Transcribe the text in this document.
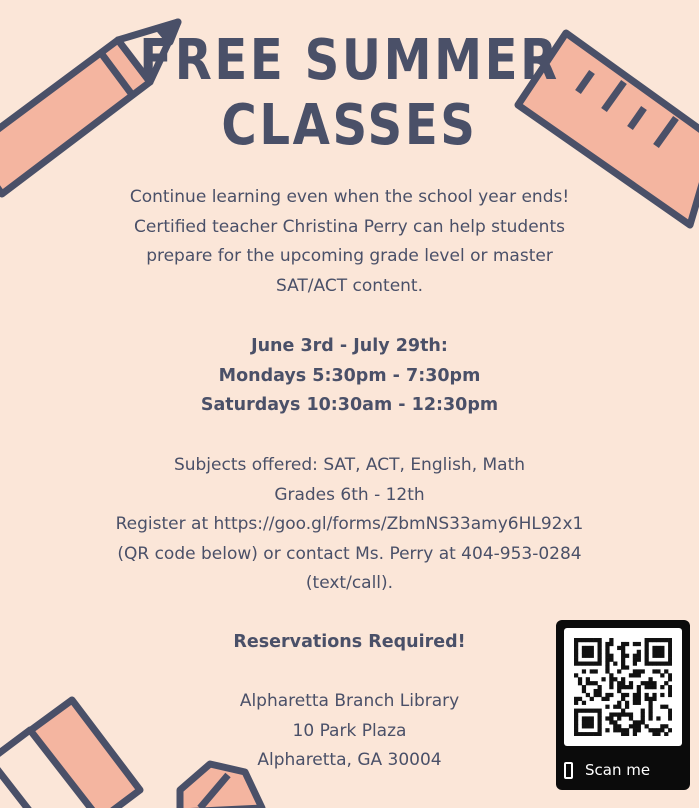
FREE SUMMER
CLASSES
Continue learning even when the school year ends!
Certified teacher Christina Perry can help students
prepare for the upcoming grade level or master
SAT/ACT content.
June 3rd - July 29th:
Mondays 5:30pm - 7:30pm
Saturdays 10:30am - 12:30pm
Subjects offered: SAT, ACT, English, Math
Grades 6th - 12th
Register at https://goo.gl/forms/ZbmNS33amy6HL92x1
(QR code below) or contact Ms. Perry at 404-953-0284
(text/call).
Reservations Required!
Alpharetta Branch Library
10 Park Plaza
Alpharetta, GA 30004	Scan me
